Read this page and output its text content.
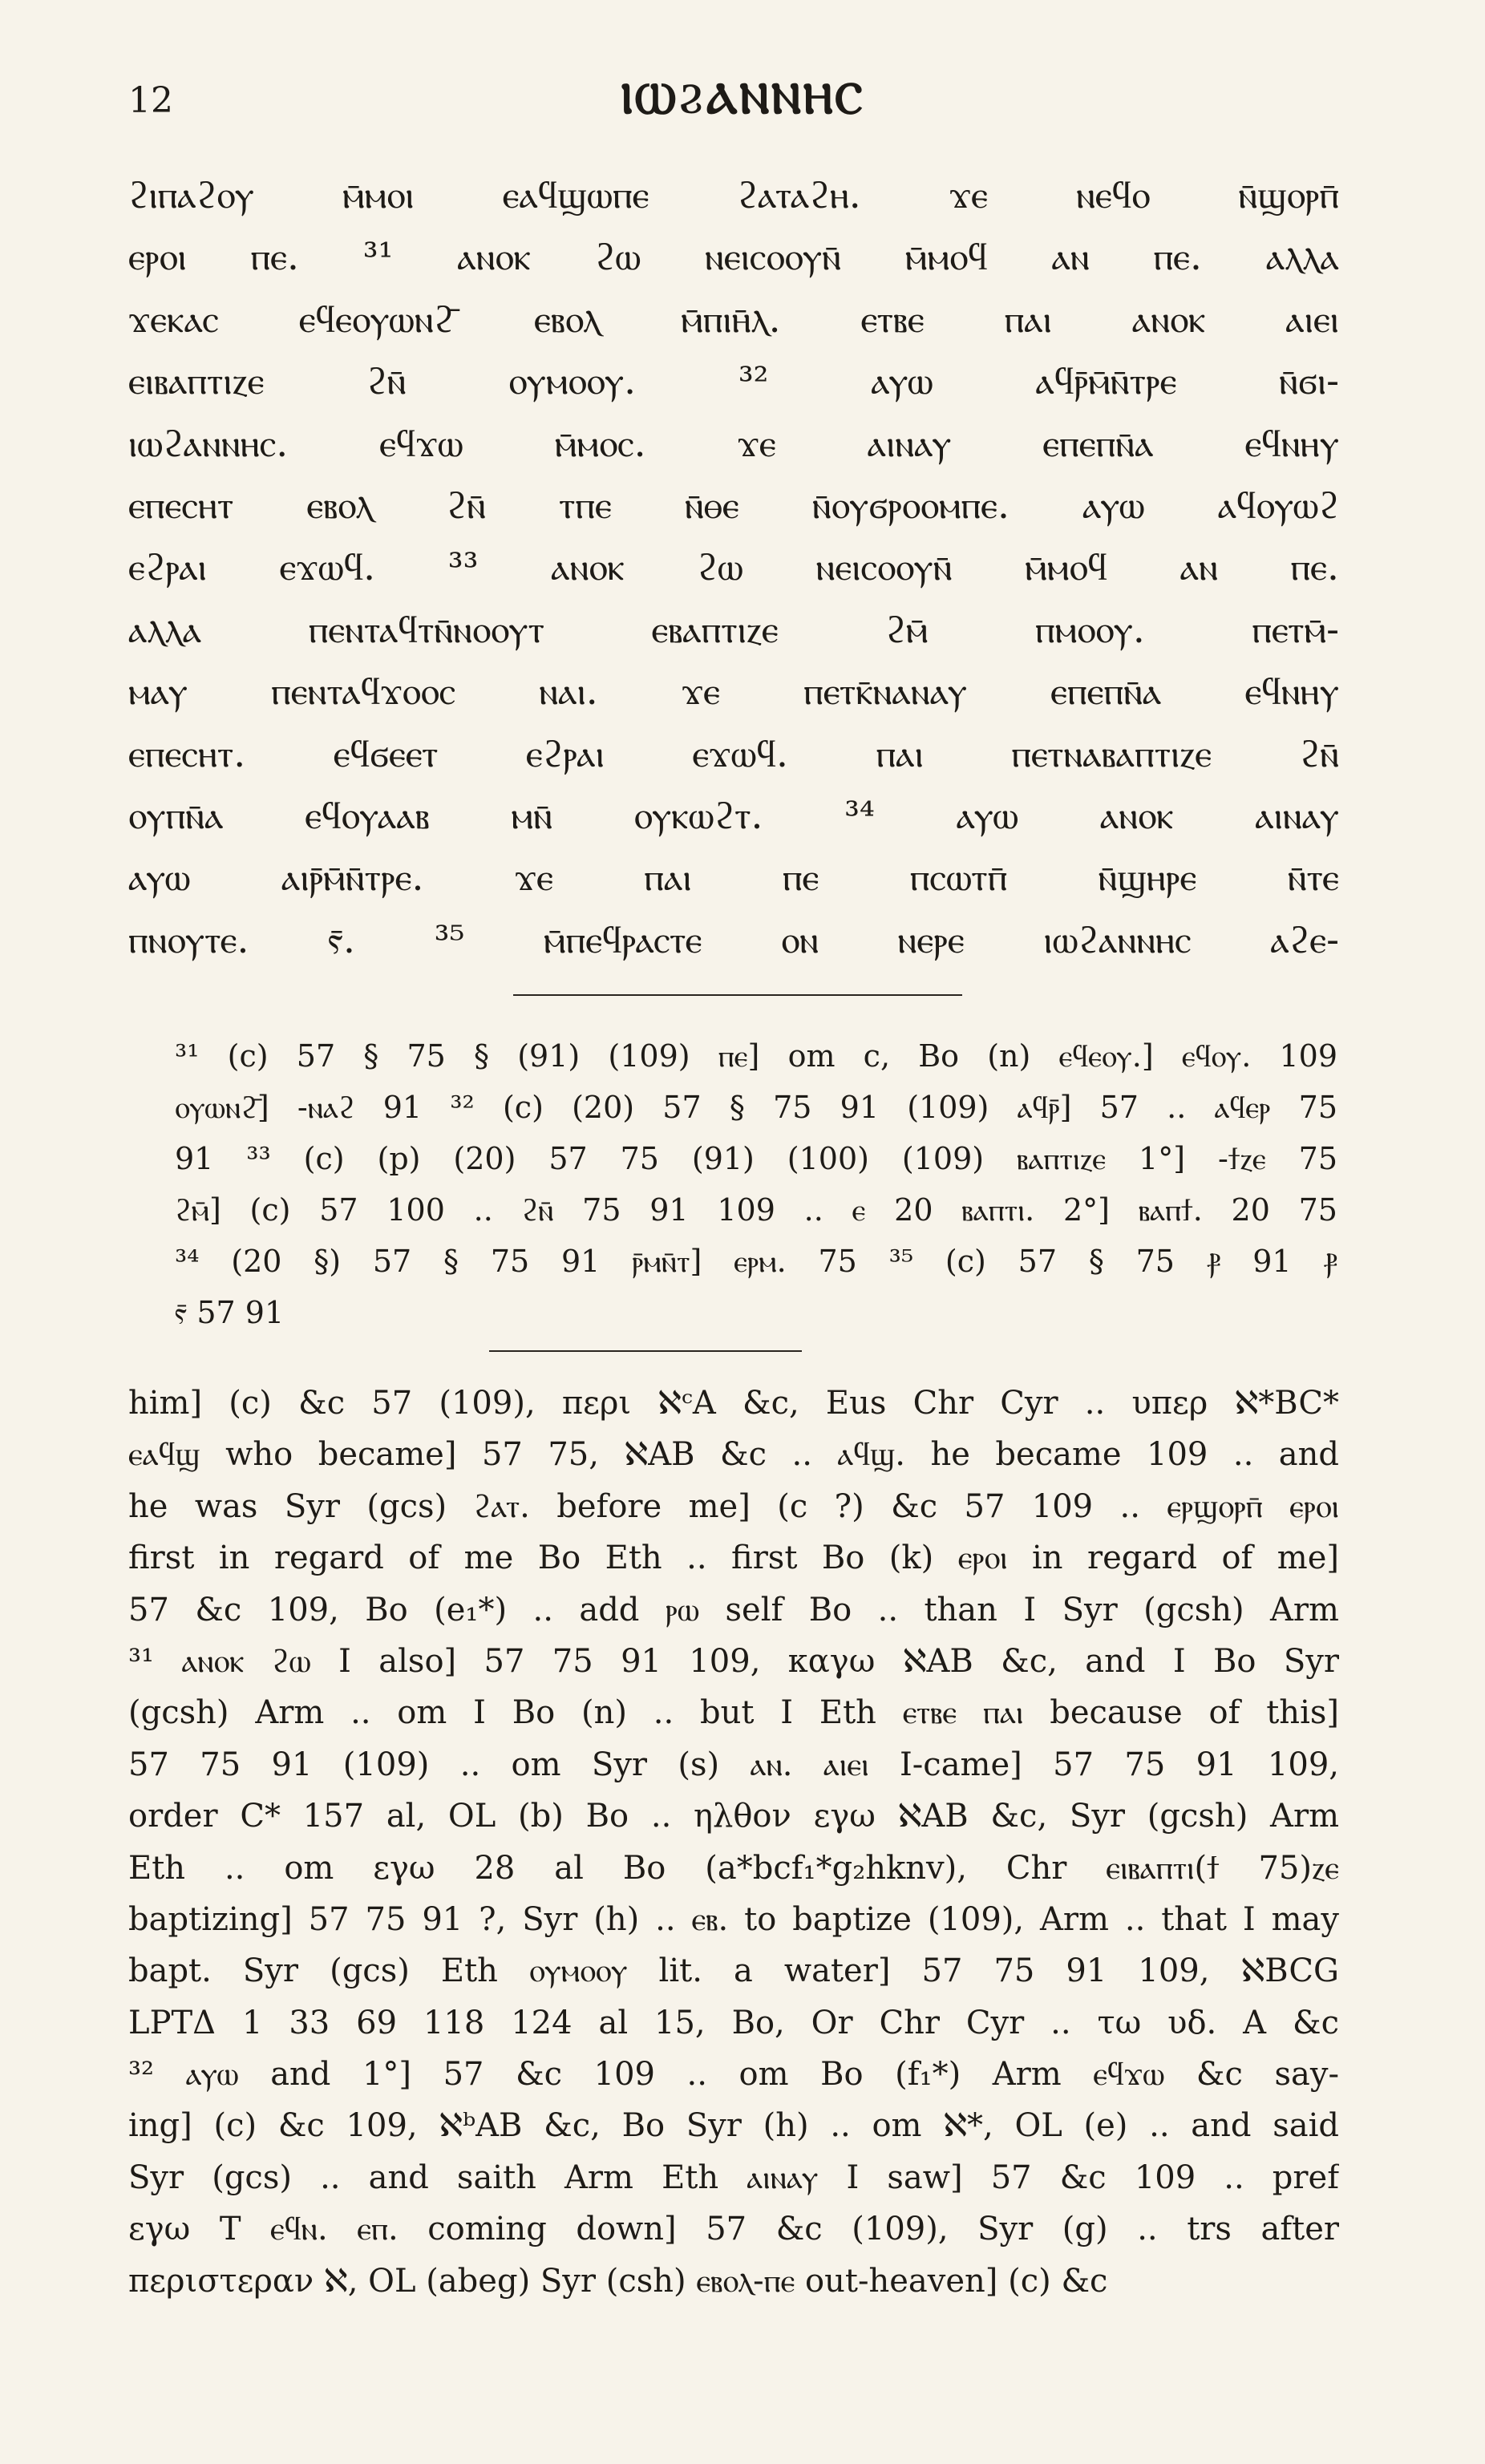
12	ⲒⲰϨⲀⲚⲚⲎⲤ
ϩⲓⲡⲁϩⲟⲩ ⲙ̄ⲙⲟⲓ ⲉⲁϥϣⲱⲡⲉ ϩⲁⲧⲁϩⲏ. ϫⲉ ⲛⲉϥⲟ ⲛ̄ϣⲟⲣⲡ̄
ⲉⲣⲟⲓ ⲡⲉ. ³¹ ⲁⲛⲟⲕ ϩⲱ ⲛⲉⲓⲥⲟⲟⲩⲛ̄ ⲙ̄ⲙⲟϥ ⲁⲛ ⲡⲉ. ⲁⲗⲗⲁ
ϫⲉⲕⲁⲥ ⲉϥⲉⲟⲩⲱⲛϩ̄ ⲉⲃⲟⲗ ⲙ̄ⲡⲓⲏ̄ⲗ. ⲉⲧⲃⲉ ⲡⲁⲓ ⲁⲛⲟⲕ ⲁⲓⲉⲓ
ⲉⲓⲃⲁⲡⲧⲓⲍⲉ ϩⲛ̄ ⲟⲩⲙⲟⲟⲩ. ³² ⲁⲩⲱ ⲁϥⲣ̄ⲙ̄ⲛ̄ⲧⲣⲉ ⲛ̄ϭⲓ-
ⲓⲱϩⲁⲛⲛⲏⲥ. ⲉϥϫⲱ ⲙ̄ⲙⲟⲥ. ϫⲉ ⲁⲓⲛⲁⲩ ⲉⲡⲉⲡⲛ̄ⲁ ⲉϥⲛⲏⲩ
ⲉⲡⲉⲥⲏⲧ ⲉⲃⲟⲗ ϩⲛ̄ ⲧⲡⲉ ⲛ̄ⲑⲉ ⲛ̄ⲟⲩϭⲣⲟⲟⲙⲡⲉ. ⲁⲩⲱ ⲁϥⲟⲩⲱϩ
ⲉϩⲣⲁⲓ ⲉϫⲱϥ. ³³ ⲁⲛⲟⲕ ϩⲱ ⲛⲉⲓⲥⲟⲟⲩⲛ̄ ⲙ̄ⲙⲟϥ ⲁⲛ ⲡⲉ.
ⲁⲗⲗⲁ ⲡⲉⲛⲧⲁϥⲧⲛ̄ⲛⲟⲟⲩⲧ ⲉⲃⲁⲡⲧⲓⲍⲉ ϩⲙ̄ ⲡⲙⲟⲟⲩ. ⲡⲉⲧⲙ̄-
ⲙⲁⲩ ⲡⲉⲛⲧⲁϥϫⲟⲟⲥ ⲛⲁⲓ. ϫⲉ ⲡⲉⲧⲕ̄ⲛⲁⲛⲁⲩ ⲉⲡⲉⲡⲛ̄ⲁ ⲉϥⲛⲏⲩ
ⲉⲡⲉⲥⲏⲧ. ⲉϥϭⲉⲉⲧ ⲉϩⲣⲁⲓ ⲉϫⲱϥ. ⲡⲁⲓ ⲡⲉⲧⲛⲁⲃⲁⲡⲧⲓⲍⲉ ϩⲛ̄
ⲟⲩⲡⲛ̄ⲁ ⲉϥⲟⲩⲁⲁⲃ ⲙⲛ̄ ⲟⲩⲕⲱϩⲧ. ³⁴ ⲁⲩⲱ ⲁⲛⲟⲕ ⲁⲓⲛⲁⲩ
ⲁⲩⲱ ⲁⲓⲣ̄ⲙ̄ⲛ̄ⲧⲣⲉ. ϫⲉ ⲡⲁⲓ ⲡⲉ ⲡⲥⲱⲧⲡ̄ ⲛ̄ϣⲏⲣⲉ ⲛ̄ⲧⲉ
ⲡⲛⲟⲩⲧⲉ. ⲋ̄. ³⁵ ⲙ̄ⲡⲉϥⲣⲁⲥⲧⲉ ⲟⲛ ⲛⲉⲣⲉ ⲓⲱϩⲁⲛⲛⲏⲥ ⲁϩⲉ-
³¹ (c) 57 § 75 § (91) (109) ⲡⲉ] om c, Bo (n) ⲉϥⲉⲟⲩ.] ⲉϥⲟⲩ. 109
ⲟⲩⲱⲛϩ̄] -ⲛⲁϩ 91 ³² (c) (20) 57 § 75 91 (109) ⲁϥⲣ̄] 57 .. ⲁϥⲉⲣ 75
91 ³³ (c) (p) (20) 57 75 (91) (100) (109) ⲃⲁⲡⲧⲓⲍⲉ 1°] -ϯⲍⲉ 75
ϩⲙ̄] (c) 57 100 .. ϩⲛ̄ 75 91 109 .. ⲉ 20 ⲃⲁⲡⲧⲓ. 2°] ⲃⲁⲡϯ. 20 75
³⁴ (20 §) 57 § 75 91 ⲣ̄ⲙⲛ̄ⲧ] ⲉⲣⲙ. 75 ³⁵ (c) 57 § 75 ⳁ 91 ⳁ
ⲋ̄ 57 91
him] (c) &c 57 (109), περι ℵᶜA &c, Eus Chr Cyr .. υπερ ℵ*BC*
ⲉⲁϥϣ who became] 57 75, ℵAB &c .. ⲁϥϣ. he became 109 .. and
he was Syr (gcs) ϩⲁⲧ. before me] (c ?) &c 57 109 .. ⲉⲣϣⲟⲣⲡ̄ ⲉⲣⲟⲓ
first in regard of me Bo Eth .. first Bo (k) ⲉⲣⲟⲓ in regard of me]
57 &c 109, Bo (e₁*) .. add ⲣⲱ self Bo .. than I Syr (gcsh) Arm
³¹ ⲁⲛⲟⲕ ϩⲱ I also] 57 75 91 109, καγω ℵAB &c, and I Bo Syr
(gcsh) Arm .. om I Bo (n) .. but I Eth ⲉⲧⲃⲉ ⲡⲁⲓ because of this]
57 75 91 (109) .. om Syr (s) ⲁⲛ. ⲁⲓⲉⲓ I-came] 57 75 91 109,
order C* 157 al, OL (b) Bo .. ηλθον εγω ℵAB &c, Syr (gcsh) Arm
Eth .. om εγω 28 al Bo (a*bcf₁*g₂hknv), Chr ⲉⲓⲃⲁⲡⲧⲓ(ϯ 75)ⲍⲉ
baptizing] 57 75 91 ?, Syr (h) .. ⲉⲃ. to baptize (109), Arm .. that I may
bapt. Syr (gcs) Eth ⲟⲩⲙⲟⲟⲩ lit. a water] 57 75 91 109, ℵBCG
LPTΔ 1 33 69 118 124 al 15, Bo, Or Chr Cyr .. τω υδ. A &c
³² ⲁⲩⲱ and 1°] 57 &c 109 .. om Bo (f₁*) Arm ⲉϥϫⲱ &c say-
ing] (c) &c 109, ℵᵇAB &c, Bo Syr (h) .. om ℵ*, OL (e) .. and said
Syr (gcs) .. and saith Arm Eth ⲁⲓⲛⲁⲩ I saw] 57 &c 109 .. pref
εγω T ⲉϥⲛ. ⲉⲡ. coming down] 57 &c (109), Syr (g) .. trs after
περιστεραν ℵ, OL (abeg) Syr (csh) ⲉⲃⲟⲗ-ⲡⲉ out-heaven] (c) &c
